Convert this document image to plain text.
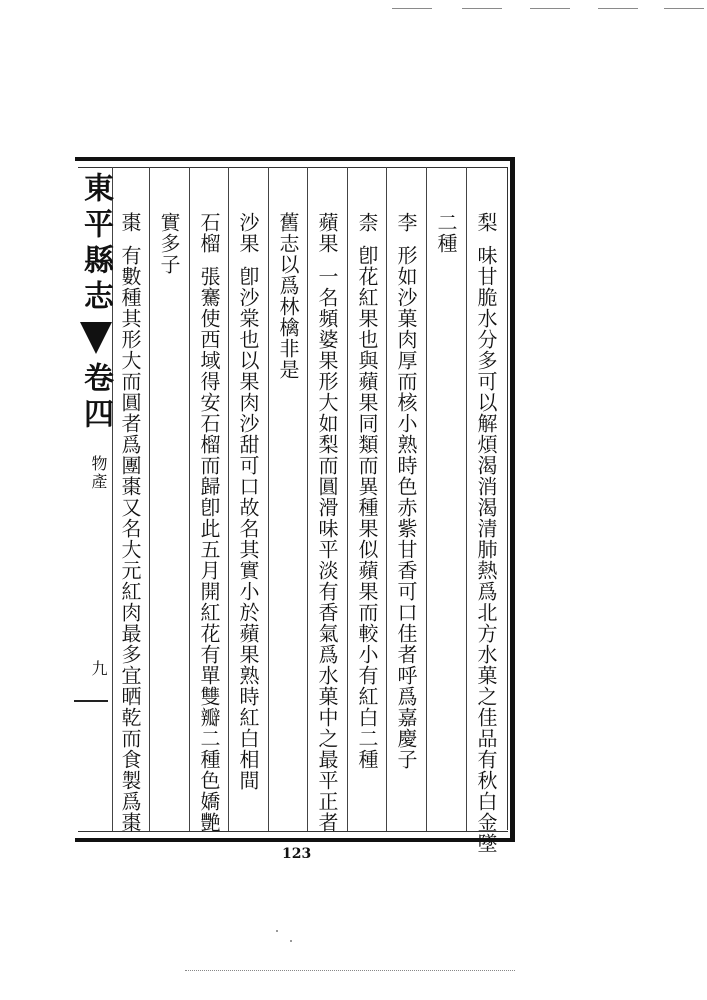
東平縣志
卷四
物產
九
梨味甘脆水分多可以解煩渴消渴清肺熱爲北方水菓之佳品有秋白金墜
二種
李形如沙菓肉厚而核小熟時色赤紫甘香可口佳者呼爲嘉慶子
柰卽花紅果也與蘋果同類而異種果似蘋果而較小有紅白二種
蘋果一名頻婆果形大如梨而圓滑味平淡有香氣爲水菓中之最平正者
舊志以爲林檎非是
沙果卽沙棠也以果肉沙甜可口故名其實小於蘋果熟時紅白相間
石榴張騫使西域得安石榴而歸卽此五月開紅花有單雙瓣二種色嬌艷
實多子
棗有數種其形大而圓者爲團棗又名大元紅肉最多宜晒乾而食製爲棗
123
